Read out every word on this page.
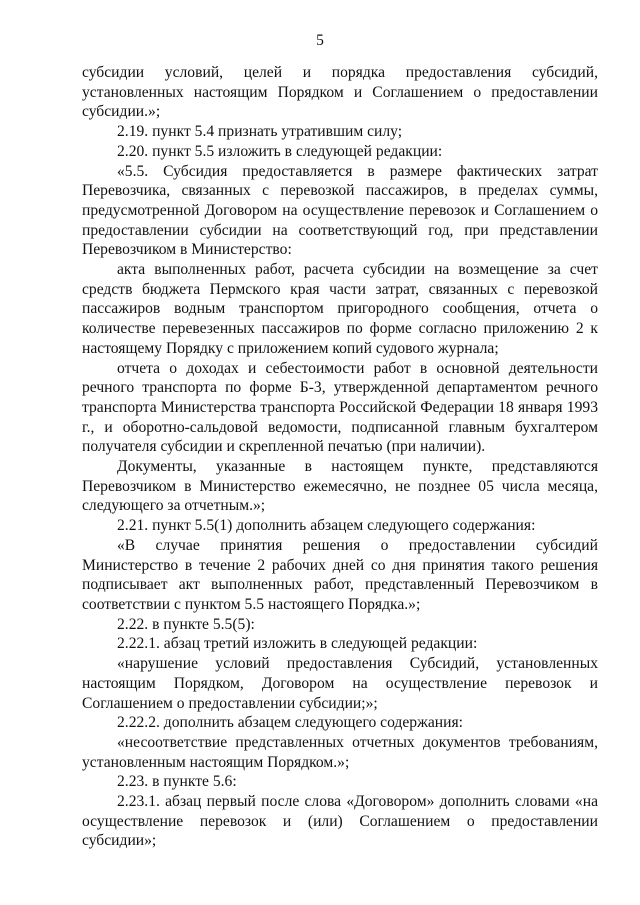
5

субсидии условий, целей и порядка предоставления субсидий, установленных настоящим Порядком и Соглашением о предоставлении субсидии.»;

2.19. пункт 5.4 признать утратившим силу;

2.20. пункт 5.5 изложить в следующей редакции:

«5.5. Субсидия предоставляется в размере фактических затрат Перевозчика, связанных с перевозкой пассажиров, в пределах суммы, предусмотренной Договором на осуществление перевозок и Соглашением о предоставлении субсидии на соответствующий год, при представлении Перевозчиком в Министерство:

акта выполненных работ, расчета субсидии на возмещение за счет средств бюджета Пермского края части затрат, связанных с перевозкой пассажиров водным транспортом пригородного сообщения, отчета о количестве перевезенных пассажиров по форме согласно приложению 2 к настоящему Порядку с приложением копий судового журнала;

отчета о доходах и себестоимости работ в основной деятельности речного транспорта по форме Б-3, утвержденной департаментом речного транспорта Министерства транспорта Российской Федерации 18 января 1993 г., и оборотно-сальдовой ведомости, подписанной главным бухгалтером получателя субсидии и скрепленной печатью (при наличии).

Документы, указанные в настоящем пункте, представляются Перевозчиком в Министерство ежемесячно, не позднее 05 числа месяца, следующего за отчетным.»;

2.21. пункт 5.5(1) дополнить абзацем следующего содержания:

«В случае принятия решения о предоставлении субсидий Министерство в течение 2 рабочих дней со дня принятия такого решения подписывает акт выполненных работ, представленный Перевозчиком в соответствии с пунктом 5.5 настоящего Порядка.»;

2.22. в пункте 5.5(5):

2.22.1. абзац третий изложить в следующей редакции:

«нарушение условий предоставления Субсидий, установленных настоящим Порядком, Договором на осуществление перевозок и Соглашением о предоставлении субсидии;»;

2.22.2. дополнить абзацем следующего содержания:

«несоответствие представленных отчетных документов требованиям, установленным настоящим Порядком.»;

2.23. в пункте 5.6:

2.23.1. абзац первый после слова «Договором» дополнить словами «на осуществление перевозок и (или) Соглашением о предоставлении субсидии»;
